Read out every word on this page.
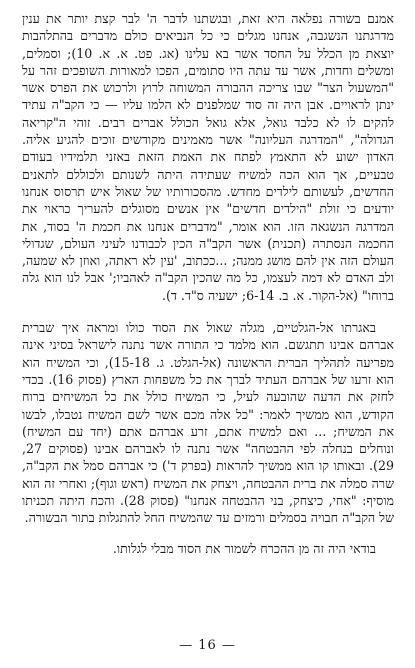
אמנם בשורה נפלאה היא זאת, ובגשתנו לדבר ה' לבר קצת יותר את ענין מדרגתנו הנשגבה, אנחנו מגלים כי כל הנביאים כולם מדברים בהתלהבות יוצאת מן הכלל על החסד אשר בא עלינו (אג. פט. א. א. 10); וסמלים, ומשלים וחדות, אשר עד עתה היו סתומים, הפכו למאורות השופכים זהר על "המשעול הצר" שבו צריכה ההבורה המשוחה לרוץ ולרכוש את הפרס אשר ינתן לראויים. אבן היה זה סוד שמלפנים לא הלמו עליו — כי הקב"ה עתיד להקים לו לא כלבד גואל, אלא גואל הכולל אברים רבים. זוהי ה"קריאה הגדולה", "המדרגה העליונה" אשר מאמינים מקודשים זוכים להגיע אליה. האדון ישוע לא התאמץ לפתח את האמת הזאת באזני תלמידיו בעודם טבעיים, אך הוא הכה למשיח שעתידה היתה לשנותם ולכוללם לתאנים החדשים, לעשותם לילדים מחדש. מהסכורותיו של שאול איש תרסוס אנחנו יודעים כי זולת "הילדים חדשים" אין אנשים מסוגלים להעריך כראוי את המדרגה הנשגאה הזו. הוא אומר, "מדברים אנחנו את חכמת ה' בסוד, את החכמה הנסתרה (תכנית) אשר הקב"ה הכין לכבודנו לעיני העולם, שגדולי העולם הזה אין להם מושג ממנה; ...ככתוב, 'עין לא ראתה, ואוזן לא שמעה, ולב האדם לא דמה לעצמו, כל מה שהכין הקב"ה לאהביו;' אבל לנו הוא גלה ברוחו" (אל-הקור. א. ב. 6-14; ישעיה ס"ד. ד).

באגרתו אל-הגלטיים, מגלה שאול את הסוד כולו ומראה איך שברית אברהם אבינו תתגשם. הוא מלמד כי התורה אשר נתנה לישראל בסיני אינה מפריעה לתהליך הברית הראשונה (אל-הגלט. ג. 15-18), וכי המשיח הוא הוא זרעו של אברהם העתיד לברך את כל משפחות הארץ (פסוק 16). בכדי לחזק את הדעה שהובעה לעיל, כי המשיח כולל את כל המשיחים ברוח הקודש, הוא ממשיך לאמר: "כל אלה מכם אשר לשם המשיח נטבלו, לבשו את המשיח; ... ואם למשיח אתם, זרע אברהם אתם (יחד עם המשיח) ונוחלים בנחלה לפי ההבטחה" אשר נתנה לו לאברהם אבינו (פסוקים 27, 29). ובאותו קו הוא ממשיך להראות (בפרק ד') כי אברהם סמל את הקב"ה, שרה סמלה את ברית ההבטחה, ויצחק את המשיח (ראש וגוף); ואחרי זה הוא מוסיף: "אחי, כיצחק, בני ההבטחה אנחנו" (פסוק 28). והכח היתה תכניתו של הקב"ה חבויה בסמלים ורמזים עד שהמשיח החל להתגלות בתור הבשורה.

בודאי היה זה מן ההכרח לשמור את הסוד מבלי לגלותו.

— 16 —
